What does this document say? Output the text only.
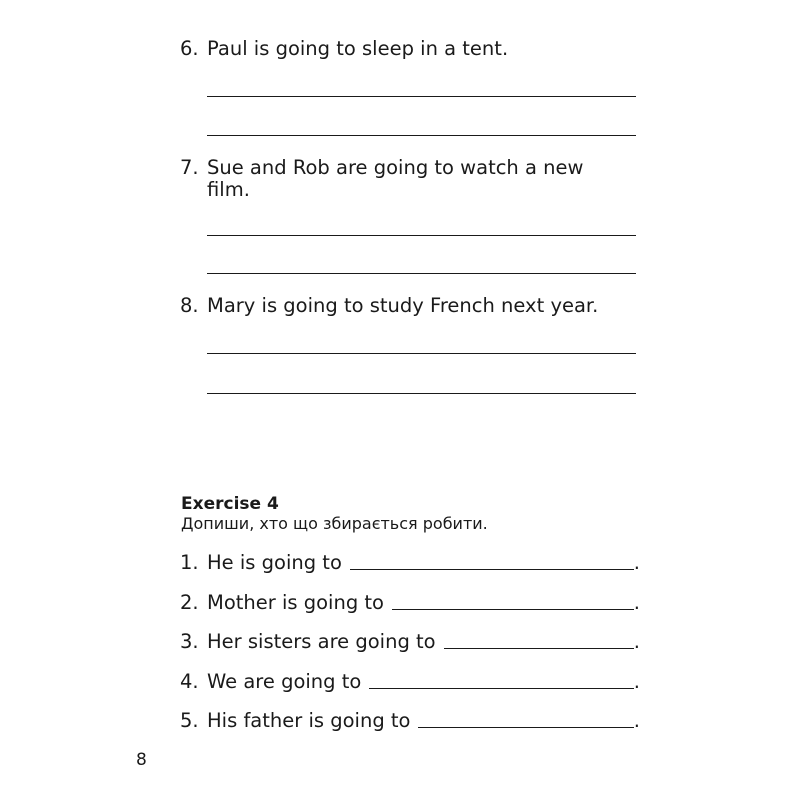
6. Paul is going to sleep in a tent.
7. Sue and Rob are going to watch a new
film.
8. Mary is going to study French next year.
Exercise 4
Допиши, хто що збирається робити.
1. He is going to	.
2. Mother is going to	.
3. Her sisters are going to	.
4. We are going to	.
5. His father is going to	.
8
